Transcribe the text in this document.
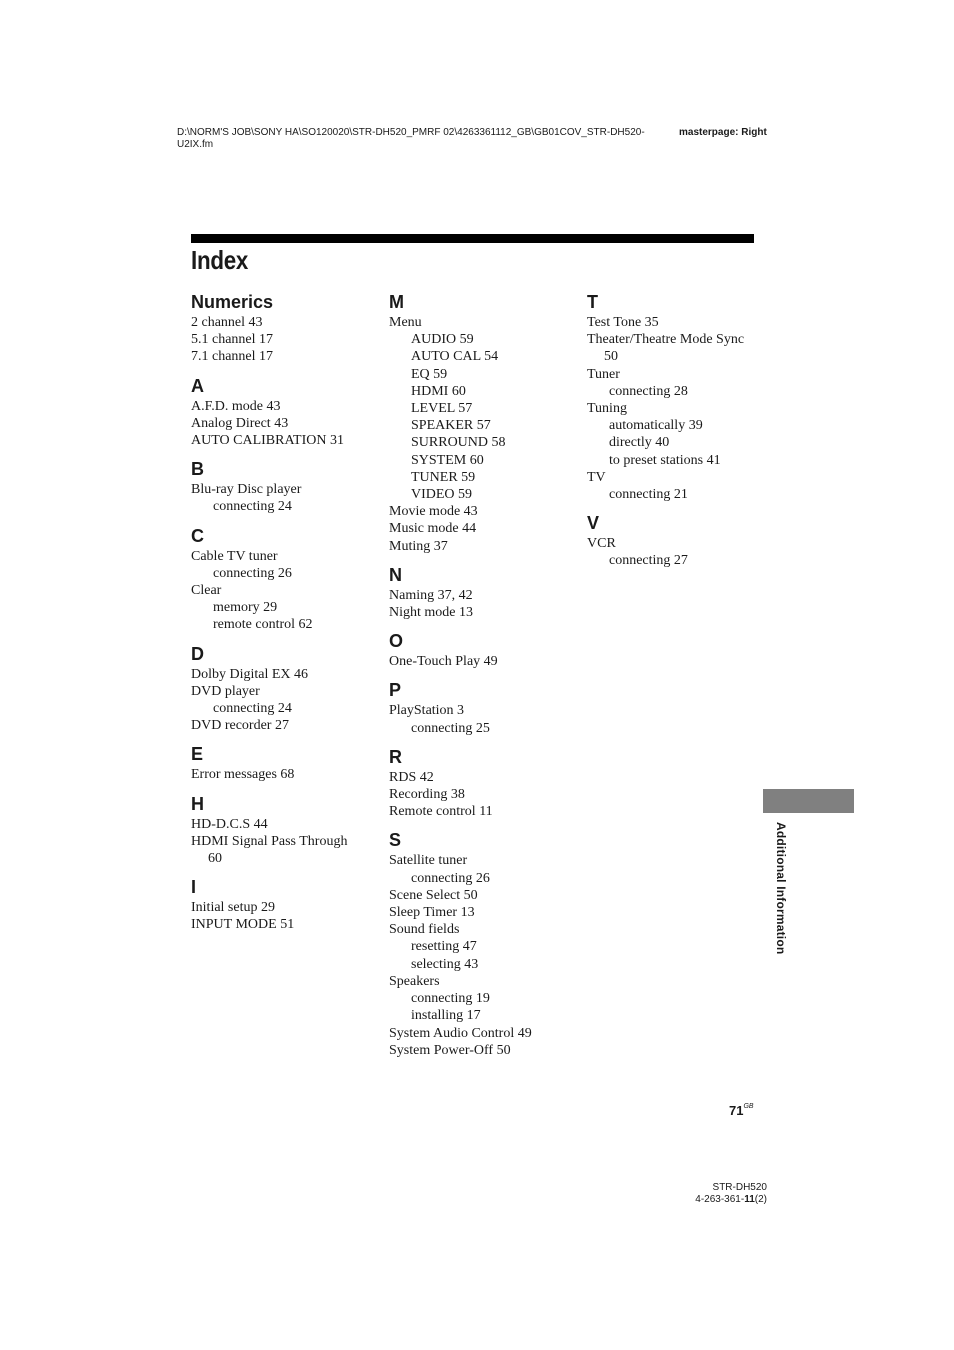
D:\NORM'S JOB\SONY HA\SO120020\STR-DH520_PMRF 02\4263361112_GB\GB01COV_STR-DH520-U2IX.fm
masterpage: Right
Index
Numerics
2 channel 43
5.1 channel 17
7.1 channel 17
A
A.F.D. mode 43
Analog Direct 43
AUTO CALIBRATION 31
B
Blu-ray Disc player
connecting 24
C
Cable TV tuner
connecting 26
Clear
memory 29
remote control 62
D
Dolby Digital EX 46
DVD player
connecting 24
DVD recorder 27
E
Error messages 68
H
HD-D.C.S 44
HDMI Signal Pass Through
60
I
Initial setup 29
INPUT MODE 51
M
Menu
AUDIO 59
AUTO CAL 54
EQ 59
HDMI 60
LEVEL 57
SPEAKER 57
SURROUND 58
SYSTEM 60
TUNER 59
VIDEO 59
Movie mode 43
Music mode 44
Muting 37
N
Naming 37, 42
Night mode 13
O
One-Touch Play 49
P
PlayStation 3
connecting 25
R
RDS 42
Recording 38
Remote control 11
S
Satellite tuner
connecting 26
Scene Select 50
Sleep Timer 13
Sound fields
resetting 47
selecting 43
Speakers
connecting 19
installing 17
System Audio Control 49
System Power-Off 50
T
Test Tone 35
Theater/Theatre Mode Sync
50
Tuner
connecting 28
Tuning
automatically 39
directly 40
to preset stations 41
TV
connecting 21
V
VCR
connecting 27
Additional Information
$71^{GB}$
STR-DH520
4-263-361-11(2)
